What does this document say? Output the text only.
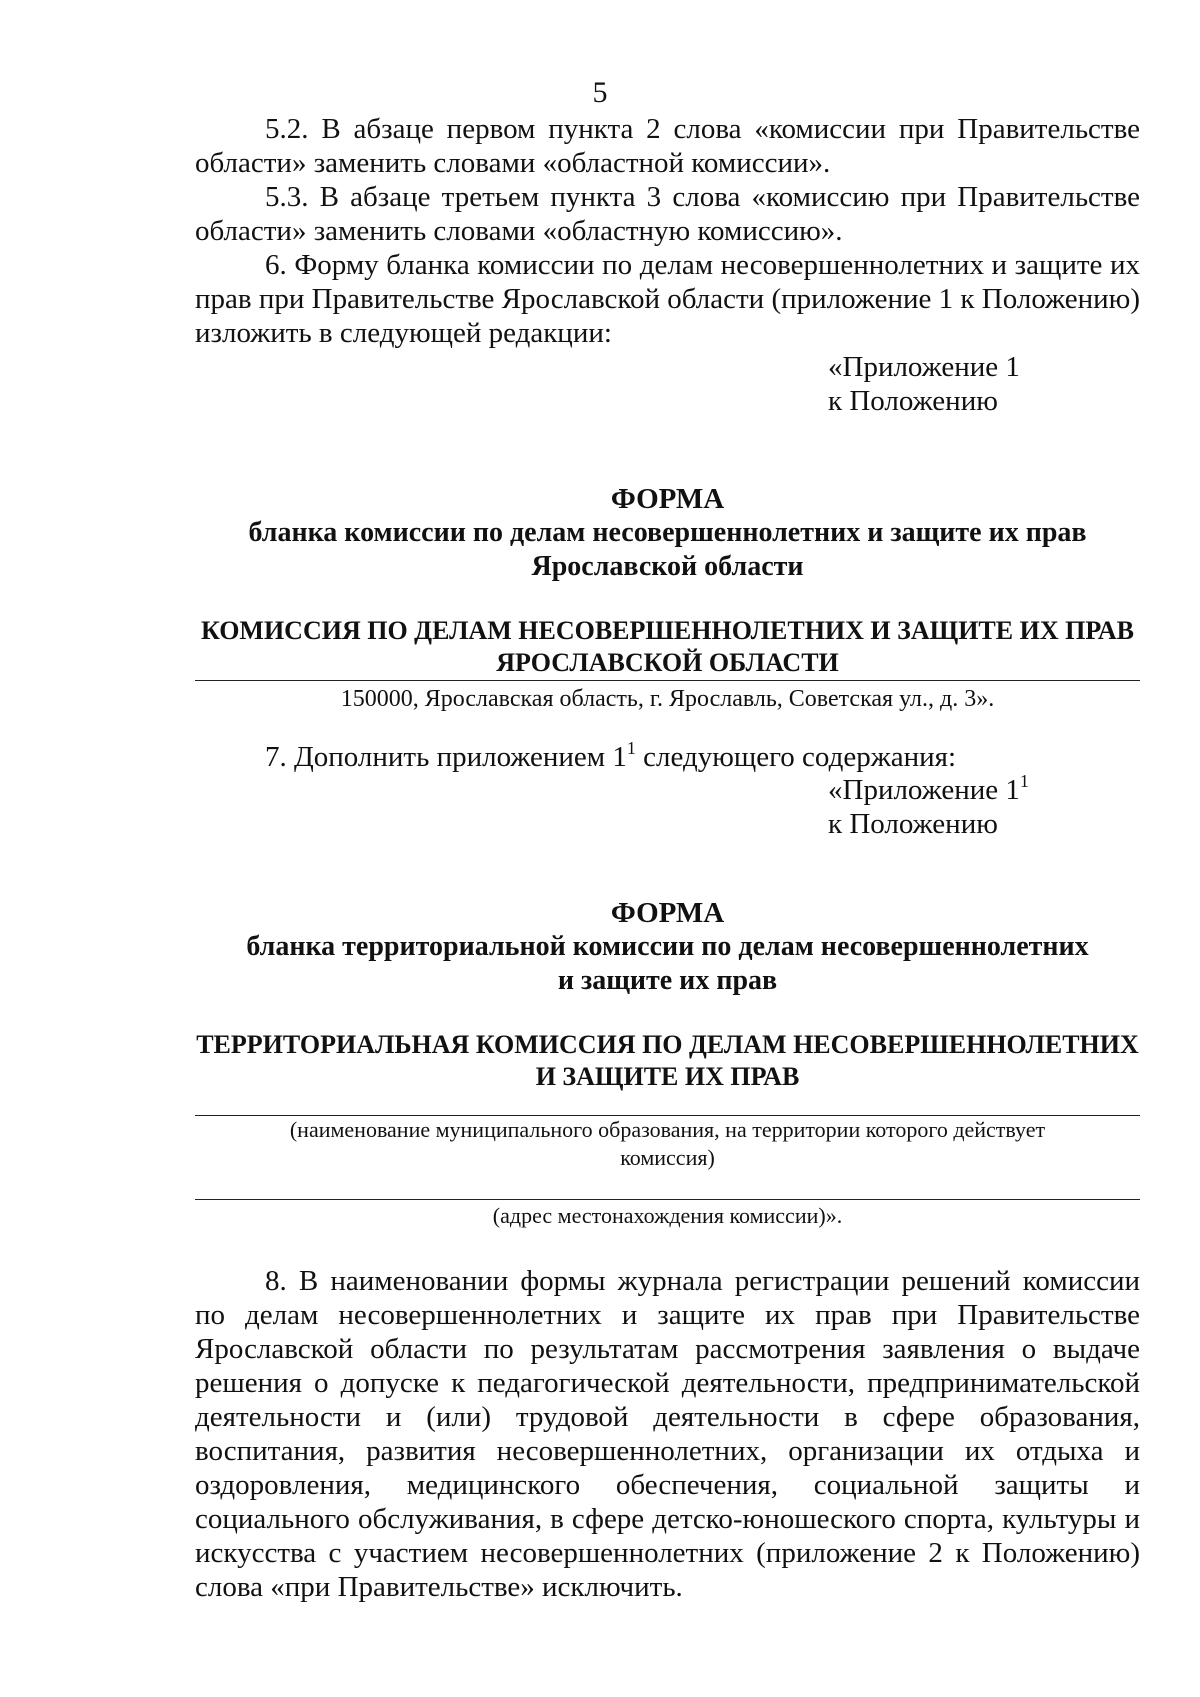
5

5.2. В абзаце первом пункта 2 слова «комиссии при Правительстве области» заменить словами «областной комиссии».

5.3. В абзаце третьем пункта 3 слова «комиссию при Правительстве области» заменить словами «областную комиссию».

6. Форму бланка комиссии по делам несовершеннолетних и защите их прав при Правительстве Ярославской области (приложение 1 к Положению) изложить в следующей редакции:

«Приложение 1
к Положению
ФОРМА
бланка комиссии по делам несовершеннолетних и защите их прав
Ярославской области
КОМИССИЯ ПО ДЕЛАМ НЕСОВЕРШЕННОЛЕТНИХ И ЗАЩИТЕ ИХ ПРАВ
ЯРОСЛАВСКОЙ ОБЛАСТИ
150000, Ярославская область, г. Ярославль, Советская ул., д. 3».

7. Дополнить приложением $1^1$ следующего содержания:

«Приложение $1^1$
к Положению
ФОРМА
бланка территориальной комиссии по делам несовершеннолетних
и защите их прав
ТЕРРИТОРИАЛЬНАЯ КОМИССИЯ ПО ДЕЛАМ НЕСОВЕРШЕННОЛЕТНИХ
И ЗАЩИТЕ ИХ ПРАВ
(наименование муниципального образования, на территории которого действует
комиссия)
(адрес местонахождения комиссии)».

8. В наименовании формы журнала регистрации решений комиссии по делам несовершеннолетних и защите их прав при Правительстве Ярославской области по результатам рассмотрения заявления о выдаче решения о допуске к педагогической деятельности, предпринимательской деятельности и (или) трудовой деятельности в сфере образования, воспитания, развития несовершеннолетних, организации их отдыха и оздоровления, медицинского обеспечения, социальной защиты и социального обслуживания, в сфере детско-юношеского спорта, культуры и искусства с участием несовершеннолетних (приложение 2 к Положению) слова «при Правительстве» исключить.
